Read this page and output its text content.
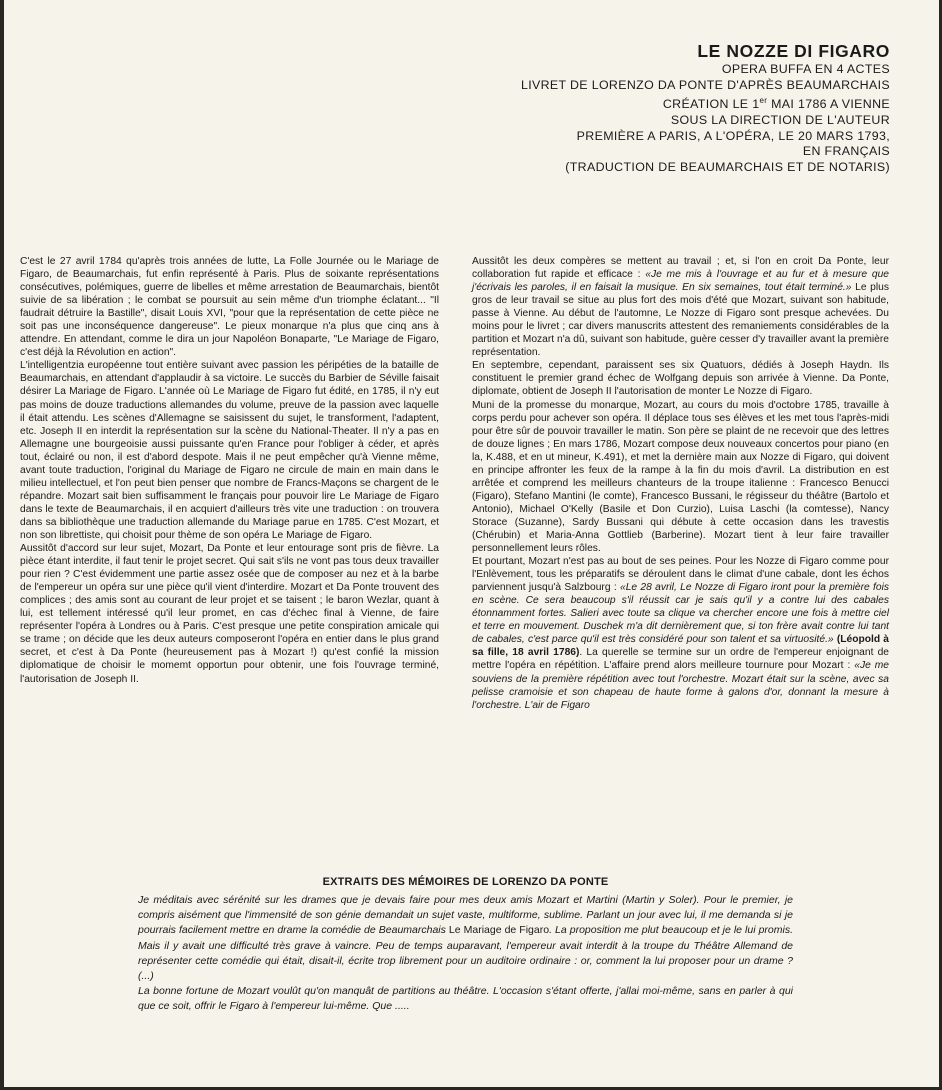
LE NOZZE DI FIGARO
OPERA BUFFA EN 4 ACTES
LIVRET DE LORENZO DA PONTE D'APRÈS BEAUMARCHAIS
CRÉATION LE 1er MAI 1786 A VIENNE
SOUS LA DIRECTION DE L'AUTEUR
PREMIÈRE A PARIS, A L'OPÉRA, LE 20 MARS 1793,
EN FRANÇAIS
(TRADUCTION DE BEAUMARCHAIS ET DE NOTARIS)

C'est le 27 avril 1784 qu'après trois années de lutte, La Folle Journée ou le Mariage de Figaro, de Beaumarchais, fut enfin représenté à Paris. Plus de soixante représentations consécutives, polémiques, guerre de libelles et même arrestation de Beaumarchais, bientôt suivie de sa libération ; le combat se poursuit au sein même d'un triomphe éclatant... "Il faudrait détruire la Bastille", disait Louis XVI, "pour que la représentation de cette pièce ne soit pas une inconséquence dangereuse". Le pieux monarque n'a plus que cinq ans à attendre. En attendant, comme le dira un jour Napoléon Bonaparte, "Le Mariage de Figaro, c'est déjà la Révolution en action".

L'intelligentzia européenne tout entière suivant avec passion les péripéties de la bataille de Beaumarchais, en attendant d'applaudir à sa victoire. Le succès du Barbier de Séville faisait désirer La Mariage de Figaro. L'année où Le Mariage de Figaro fut édité, en 1785, il n'y eut pas moins de douze traductions allemandes du volume, preuve de la passion avec laquelle il était attendu. Les scènes d'Allemagne se saisissent du sujet, le transforment, l'adaptent, etc. Joseph II en interdit la représentation sur la scène du National-Theater. Il n'y a pas en Allemagne une bourgeoisie aussi puissante qu'en France pour l'obliger à céder, et après tout, éclairé ou non, il est d'abord despote. Mais il ne peut empêcher qu'à Vienne même, avant toute traduction, l'original du Mariage de Figaro ne circule de main en main dans le milieu intellectuel, et l'on peut bien penser que nombre de Francs-Maçons se chargent de le répandre. Mozart sait bien suffisamment le français pour pouvoir lire Le Mariage de Figaro dans le texte de Beaumarchais, il en acquiert d'ailleurs très vite une traduction : on trouvera dans sa bibliothèque une traduction allemande du Mariage parue en 1785. C'est Mozart, et non son librettiste, qui choisit pour thème de son opéra Le Mariage de Figaro.

Aussitôt d'accord sur leur sujet, Mozart, Da Ponte et leur entourage sont pris de fièvre. La pièce étant interdite, il faut tenir le projet secret. Qui sait s'ils ne vont pas tous deux travailler pour rien ? C'est évidemment une partie assez osée que de composer au nez et à la barbe de l'empereur un opéra sur une pièce qu'il vient d'interdire. Mozart et Da Ponte trouvent des complices ; des amis sont au courant de leur projet et se taisent ; le baron Wezlar, quant à lui, est tellement intéressé qu'il leur promet, en cas d'échec final à Vienne, de faire représenter l'opéra à Londres ou à Paris. C'est presque une petite conspiration amicale qui se trame ; on décide que les deux auteurs composeront l'opéra en entier dans le plus grand secret, et c'est à Da Ponte (heureusement pas à Mozart !) qu'est confié la mission diplomatique de choisir le momemt opportun pour obtenir, une fois l'ouvrage terminé, l'autorisation de Joseph II.

Aussitôt les deux compères se mettent au travail ; et, si l'on en croit Da Ponte, leur collaboration fut rapide et efficace : «Je me mis à l'ouvrage et au fur et à mesure que j'écrivais les paroles, il en faisait la musique. En six semaines, tout était terminé.» Le plus gros de leur travail se situe au plus fort des mois d'été que Mozart, suivant son habitude, passe à Vienne. Au début de l'automne, Le Nozze di Figaro sont presque achevées. Du moins pour le livret ; car divers manuscrits attestent des remaniements considérables de la partition et Mozart n'a dû, suivant son habitude, guère cesser d'y travailler avant la première représentation.

En septembre, cependant, paraissent ses six Quatuors, dédiés à Joseph Haydn. Ils constituent le premier grand échec de Wolfgang depuis son arrivée à Vienne. Da Ponte, diplomate, obtient de Joseph II l'autorisation de monter Le Nozze di Figaro.

Muni de la promesse du monarque, Mozart, au cours du mois d'octobre 1785, travaille à corps perdu pour achever son opéra. Il déplace tous ses élèves et les met tous l'après-midi pour être sûr de pouvoir travailler le matin. Son père se plaint de ne recevoir que des lettres de douze lignes ; En mars 1786, Mozart compose deux nouveaux concertos pour piano (en la, K.488, et en ut mineur, K.491), et met la dernière main aux Nozze di Figaro, qui doivent en principe affronter les feux de la rampe à la fin du mois d'avril. La distribution en est arrêtée et comprend les meilleurs chanteurs de la troupe italienne : Francesco Benucci (Figaro), Stefano Mantini (le comte), Francesco Bussani, le régisseur du théâtre (Bartolo et Antonio), Michael O'Kelly (Basile et Don Curzio), Luisa Laschi (la comtesse), Nancy Storace (Suzanne), Sardy Bussani qui débute à cette occasion dans les travestis (Chérubin) et Maria-Anna Gottlieb (Barberine). Mozart tient à leur faire travailler personnellement leurs rôles.

Et pourtant, Mozart n'est pas au bout de ses peines. Pour les Nozze di Figaro comme pour l'Enlèvement, tous les préparatifs se déroulent dans le climat d'une cabale, dont les échos parviennent jusqu'à Salzbourg : «Le 28 avril, Le Nozze di Figaro iront pour la première fois en scène. Ce sera beaucoup s'il réussit car je sais qu'il y a contre lui des cabales étonnamment fortes. Salieri avec toute sa clique va chercher encore une fois à mettre ciel et terre en mouvement. Duschek m'a dit dernièrement que, si ton frère avait contre lui tant de cabales, c'est parce qu'il est très considéré pour son talent et sa virtuosité.» (Léopold à sa fille, 18 avril 1786). La querelle se termine sur un ordre de l'empereur enjoignant de mettre l'opéra en répétition. L'affaire prend alors meilleure tournure pour Mozart : «Je me souviens de la première répétition avec tout l'orchestre. Mozart était sur la scène, avec sa pelisse cramoisie et son chapeau de haute forme à galons d'or, donnant la mesure à l'orchestre. L'air de Figaro

EXTRAITS DES MÉMOIRES DE LORENZO DA PONTE

Je méditais avec sérénité sur les drames que je devais faire pour mes deux amis Mozart et Martini (Martin y Soler). Pour le premier, je compris aisément que l'immensité de son génie demandait un sujet vaste, multiforme, sublime. Parlant un jour avec lui, il me demanda si je pourrais facilement mettre en drame la comédie de Beaumarchais Le Mariage de Figaro. La proposition me plut beaucoup et je le lui promis. Mais il y avait une difficulté très grave à vaincre. Peu de temps auparavant, l'empereur avait interdit à la troupe du Théâtre Allemand de représenter cette comédie qui était, disait-il, écrite trop librement pour un auditoire ordinaire : or, comment la lui proposer pour un drame ? (...)

La bonne fortune de Mozart voulût qu'on manquât de partitions au théâtre. L'occasion s'étant offerte, j'allai moi-même, sans en parler à qui que ce soit, offrir le Figaro à l'empereur lui-même. Que .....
